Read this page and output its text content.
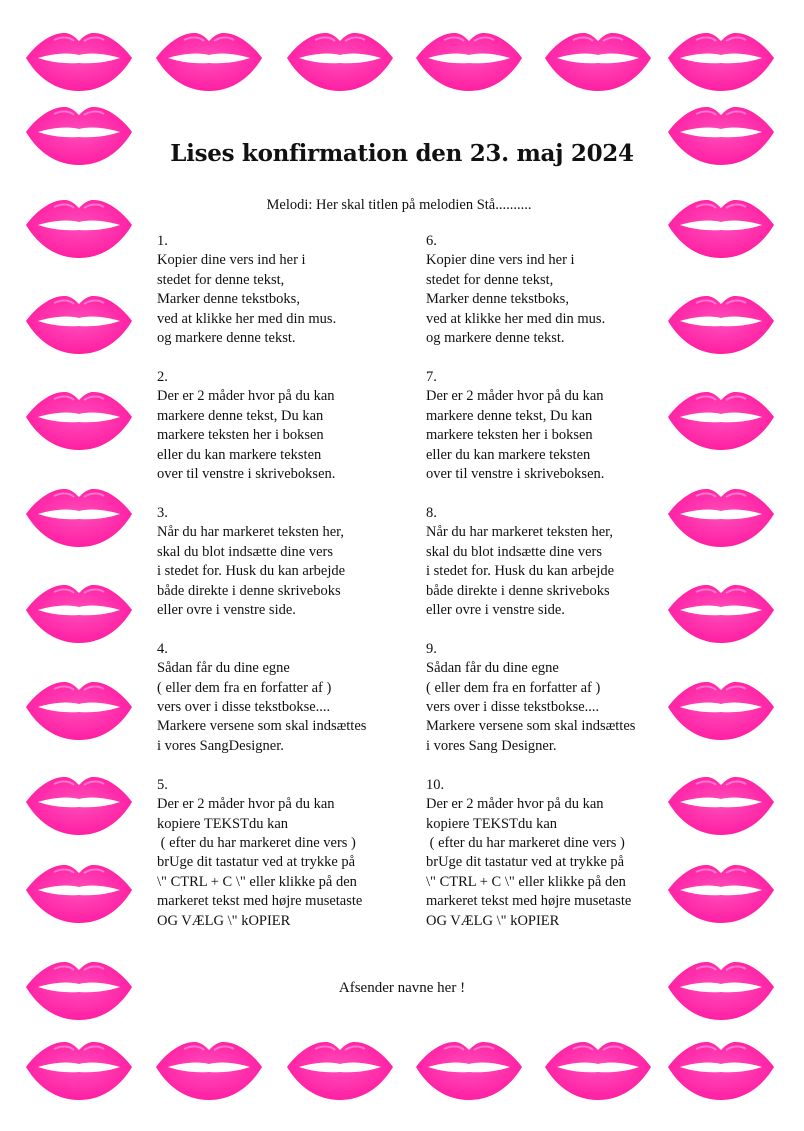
Lises konfirmation den 23. maj 2024
Melodi: Her skal titlen på melodien Stå..........
1.
Kopier dine vers ind her i
stedet for denne tekst,
Marker denne tekstboks,
ved at klikke her med din mus.
og markere denne tekst.
2.
Der er 2 måder hvor på du kan
markere denne tekst, Du kan
markere teksten her i boksen
eller du kan markere teksten
over til venstre i skriveboksen.
3.
Når du har markeret teksten her,
skal du blot indsætte dine vers
i stedet for. Husk du kan arbejde
både direkte i denne skriveboks
eller ovre i venstre side.
4.
Sådan får du dine egne
( eller dem fra en forfatter af )
vers over i disse tekstbokse....
Markere versene som skal indsættes
i vores SangDesigner.
5.
Der er 2 måder hvor på du kan
kopiere TEKSTdu kan
( efter du har markeret dine vers )
brUge dit tastatur ved at trykke på
\" CTRL + C \" eller klikke på den
markeret tekst med højre musetaste
OG VÆLG \" kOPIER
6.
Kopier dine vers ind her i
stedet for denne tekst,
Marker denne tekstboks,
ved at klikke her med din mus.
og markere denne tekst.
7.
Der er 2 måder hvor på du kan
markere denne tekst, Du kan
markere teksten her i boksen
eller du kan markere teksten
over til venstre i skriveboksen.
8.
Når du har markeret teksten her,
skal du blot indsætte dine vers
i stedet for. Husk du kan arbejde
både direkte i denne skriveboks
eller ovre i venstre side.
9.
Sådan får du dine egne
( eller dem fra en forfatter af )
vers over i disse tekstbokse....
Markere versene som skal indsættes
i vores Sang Designer.
10.
Der er 2 måder hvor på du kan
kopiere TEKSTdu kan
( efter du har markeret dine vers )
brUge dit tastatur ved at trykke på
\" CTRL + C \" eller klikke på den
markeret tekst med højre musetaste
OG VÆLG \" kOPIER
Afsender navne her !
